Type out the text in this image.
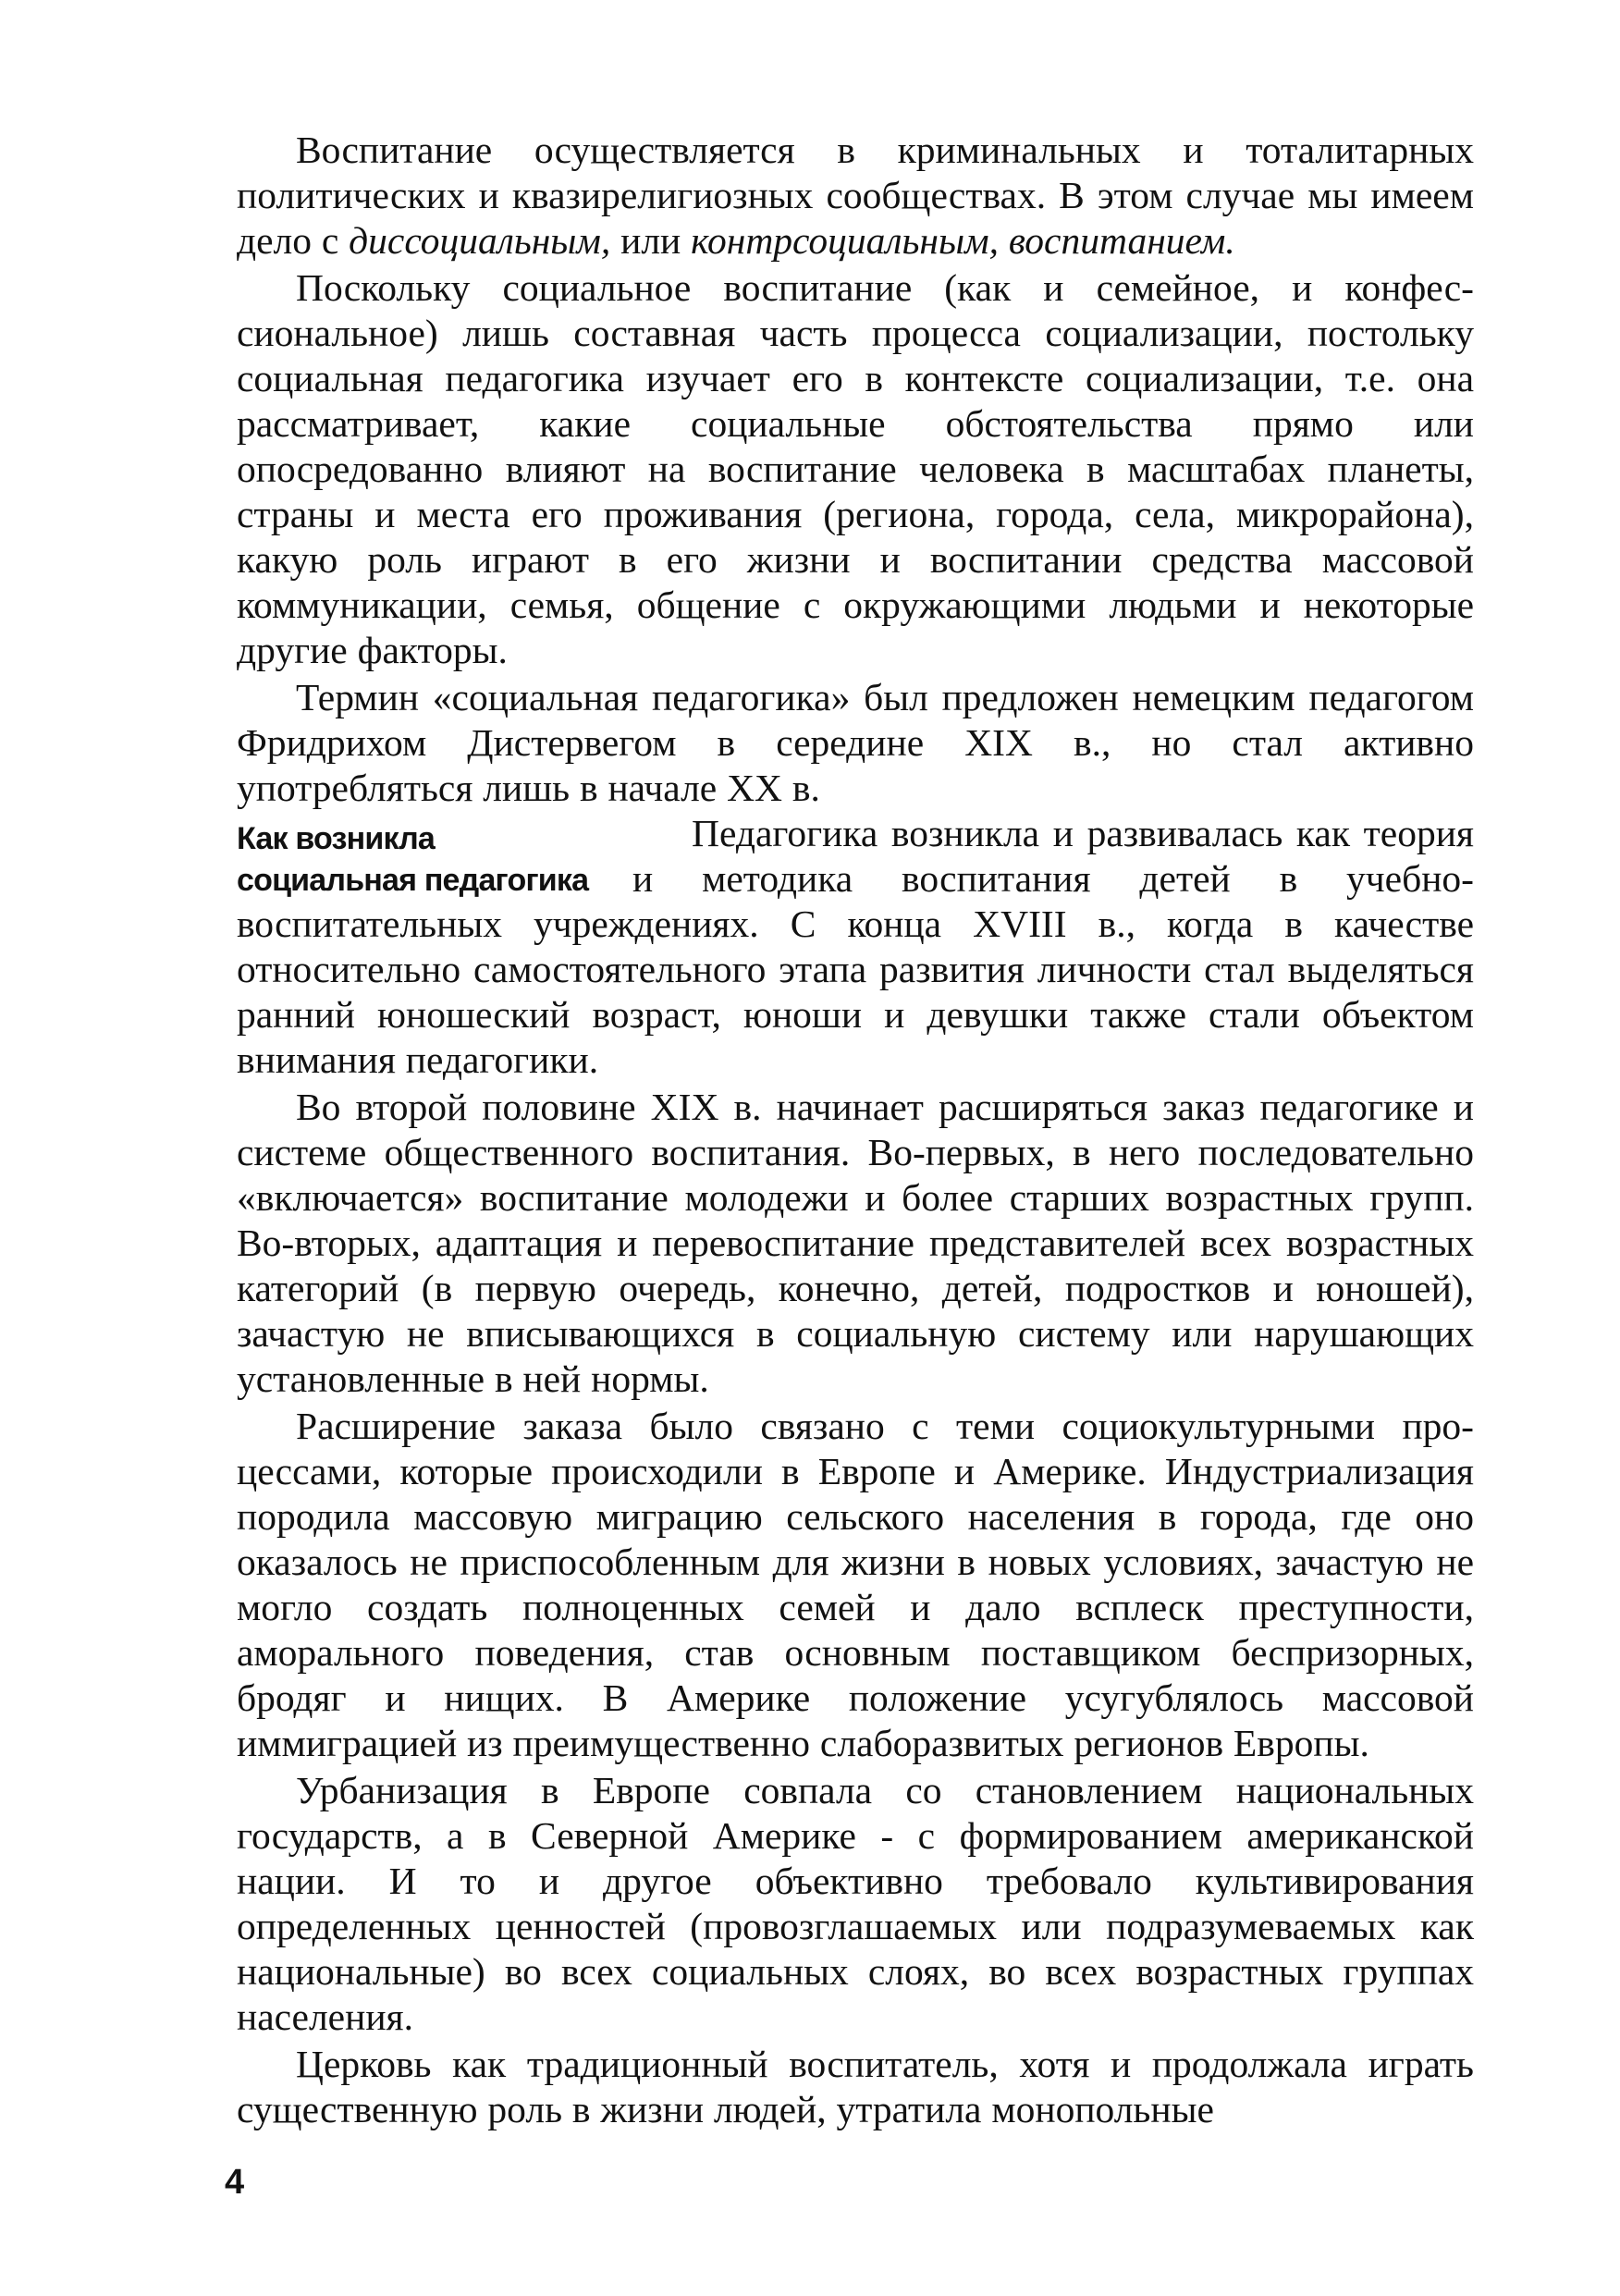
Воспитание осуществляется в криминальных и тоталитарных политических и квазирелигиозных сообществах. В этом случае мы имеем дело с диссоциальным, или контрсоциальным, воспитанием.

Поскольку социальное воспитание (как и семейное, и конфессиональное) лишь составная часть процесса социализации, постольку социальная педагогика изучает его в контексте социализации, т.е. она рассматривает, какие социальные обстоятельства прямо или опосредованно влияют на воспитание человека в масштабах планеты, страны и места его проживания (региона, города, села, микрорайона), какую роль играют в его жизни и воспитании средства массовой коммуникации, семья, общение с окружающими людьми и некоторые другие факторы.

Термин «социальная педагогика» был предложен немецким педагогом Фридрихом Дистервегом в середине XIX в., но стал активно употребляться лишь в начале XX в.

Как возникла социальная педагогика

Педагогика возникла и развивалась как теория и методика воспитания детей в учебно-воспитательных учреждениях. С конца XVIII в., когда в качестве относительно самостоятельного этапа развития личности стал выделяться ранний юношеский возраст, юноши и девушки также стали объектом внимания педагогики.

Во второй половине XIX в. начинает расширяться заказ педагогике и системе общественного воспитания. Во-первых, в него последовательно «включается» воспитание молодежи и более старших возрастных групп. Во-вторых, адаптация и перевоспитание представителей всех возрастных категорий (в первую очередь, конечно, детей, подростков и юношей), зачастую не вписывающихся в социальную систему или нарушающих установленные в ней нормы.

Расширение заказа было связано с теми социокультурными процессами, которые происходили в Европе и Америке. Индустриализация породила массовую миграцию сельского населения в города, где оно оказалось не приспособленным для жизни в новых условиях, зачастую не могло создать полноценных семей и дало всплеск преступности, аморального поведения, став основным поставщиком беспризорных, бродяг и нищих. В Америке положение усугублялось массовой иммиграцией из преимущественно слаборазвитых регионов Европы.

Урбанизация в Европе совпала со становлением национальных государств, а в Северной Америке - с формированием американской нации. И то и другое объективно требовало культивирования определенных ценностей (провозглашаемых или подразумеваемых как национальные) во всех социальных слоях, во всех возрастных группах населения.

Церковь как традиционный воспитатель, хотя и продолжала играть существенную роль в жизни людей, утратила монопольные

4
